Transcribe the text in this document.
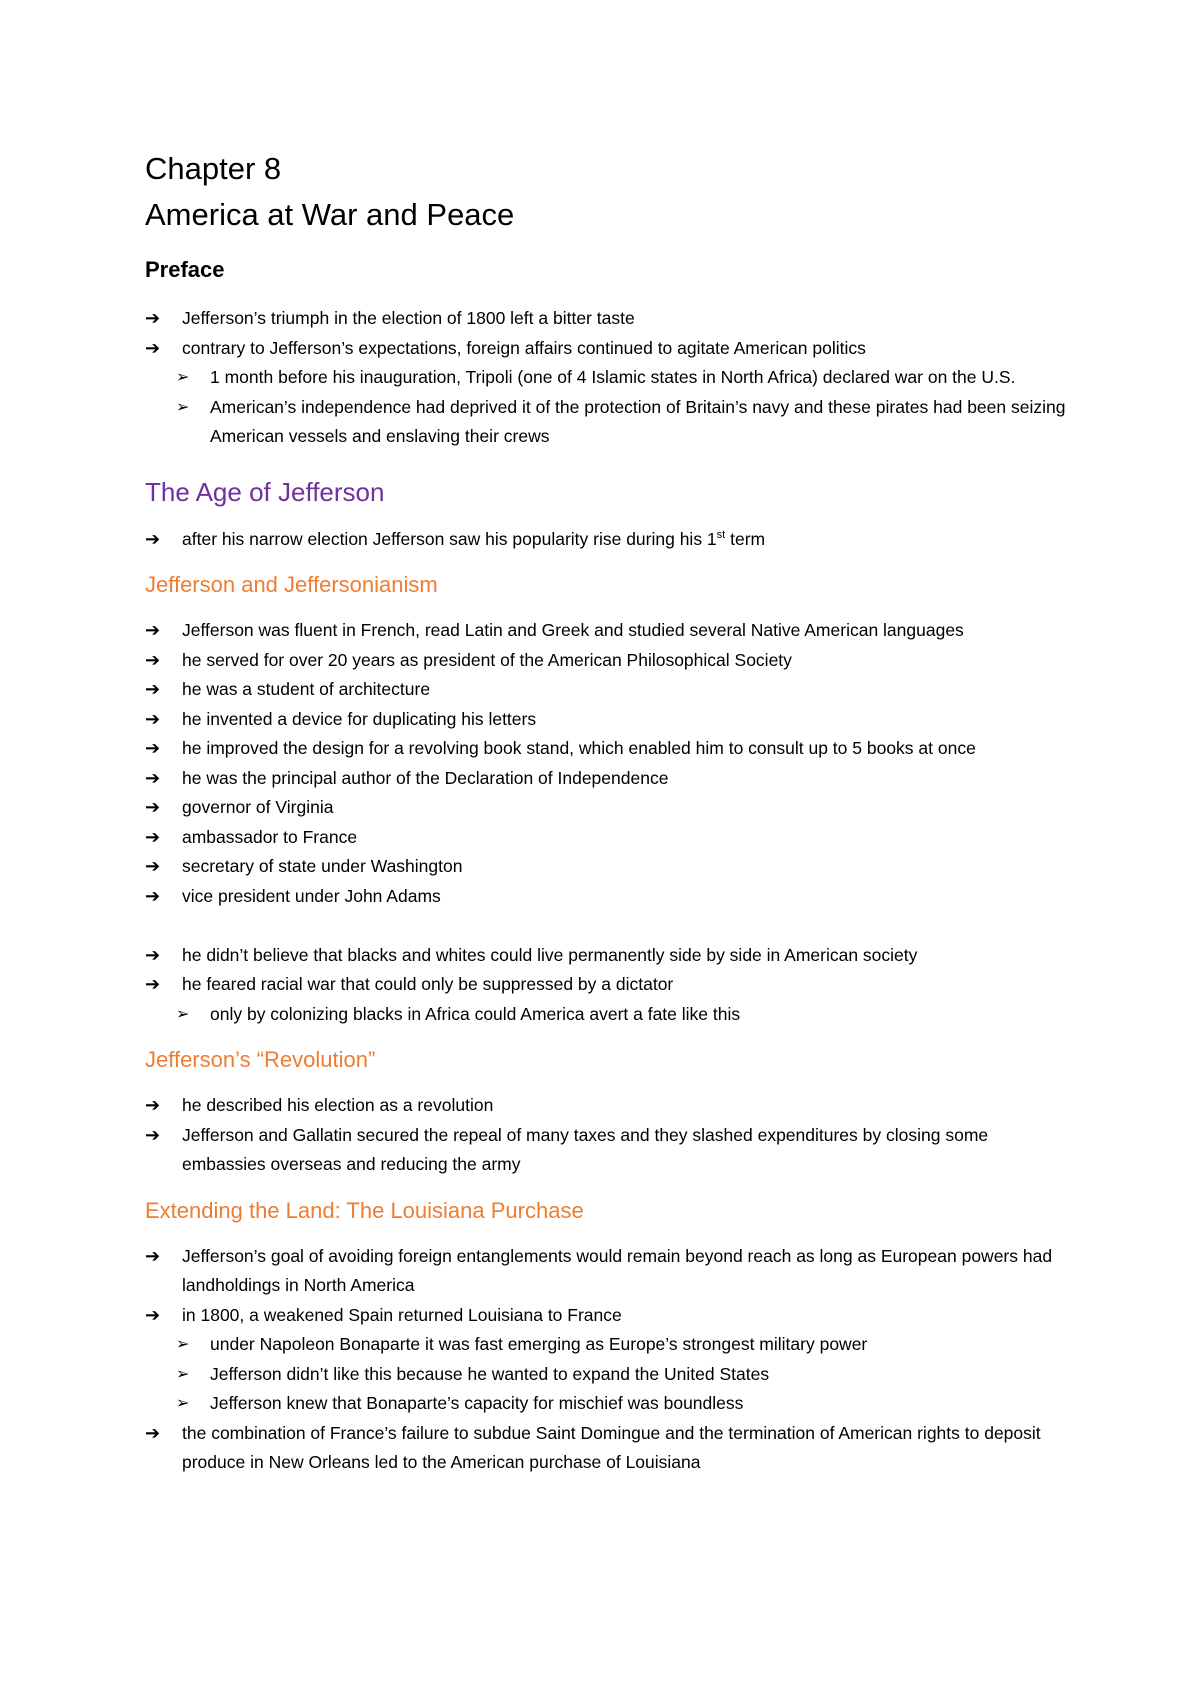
Chapter 8
America at War and Peace
Preface
➔ Jefferson’s triumph in the election of 1800 left a bitter taste
➔ contrary to Jefferson’s expectations, foreign affairs continued to agitate American politics
➢ 1 month before his inauguration, Tripoli (one of 4 Islamic states in North Africa) declared war on the U.S.
➢ American’s independence had deprived it of the protection of Britain’s navy and these pirates had been seizing American vessels and enslaving their crews
The Age of Jefferson
➔ after his narrow election Jefferson saw his popularity rise during his 1st term
Jefferson and Jeffersonianism
➔ Jefferson was fluent in French, read Latin and Greek and studied several Native American languages
➔ he served for over 20 years as president of the American Philosophical Society
➔ he was a student of architecture
➔ he invented a device for duplicating his letters
➔ he improved the design for a revolving book stand, which enabled him to consult up to 5 books at once
➔ he was the principal author of the Declaration of Independence
➔ governor of Virginia
➔ ambassador to France
➔ secretary of state under Washington
➔ vice president under John Adams
➔ he didn’t believe that blacks and whites could live permanently side by side in American society
➔ he feared racial war that could only be suppressed by a dictator
➢ only by colonizing blacks in Africa could America avert a fate like this
Jefferson’s “Revolution”
➔ he described his election as a revolution
➔ Jefferson and Gallatin secured the repeal of many taxes and they slashed expenditures by closing some embassies overseas and reducing the army
Extending the Land: The Louisiana Purchase
➔ Jefferson’s goal of avoiding foreign entanglements would remain beyond reach as long as European powers had landholdings in North America
➔ in 1800, a weakened Spain returned Louisiana to France
➢ under Napoleon Bonaparte it was fast emerging as Europe’s strongest military power
➢ Jefferson didn’t like this because he wanted to expand the United States
➢ Jefferson knew that Bonaparte’s capacity for mischief was boundless
➔ the combination of France’s failure to subdue Saint Domingue and the termination of American rights to deposit produce in New Orleans led to the American purchase of Louisiana
